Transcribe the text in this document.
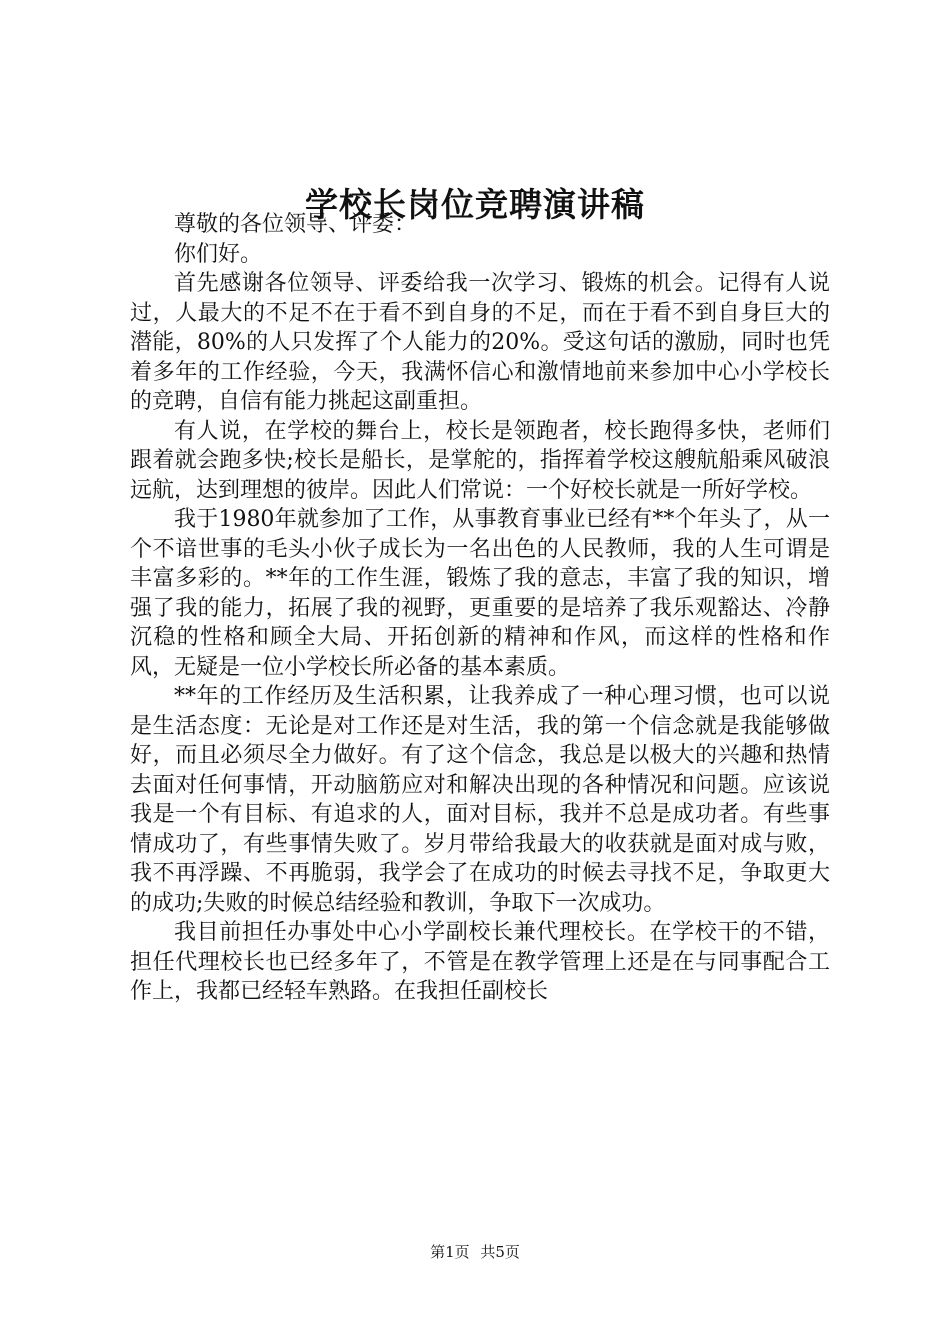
学校长岗位竞聘演讲稿

尊敬的各位领导、评委：

你们好。

首先感谢各位领导、评委给我一次学习、锻炼的机会。记得有人说过，人最大的不足不在于看不到自身的不足，而在于看不到自身巨大的潜能，80%的人只发挥了个人能力的20%。受这句话的激励，同时也凭着多年的工作经验，今天，我满怀信心和激情地前来参加中心小学校长的竞聘，自信有能力挑起这副重担。

有人说，在学校的舞台上，校长是领跑者，校长跑得多快，老师们跟着就会跑多快;校长是船长，是掌舵的，指挥着学校这艘航船乘风破浪远航，达到理想的彼岸。因此人们常说：一个好校长就是一所好学校。

我于1980年就参加了工作，从事教育事业已经有**个年头了，从一个不谙世事的毛头小伙子成长为一名出色的人民教师，我的人生可谓是丰富多彩的。**年的工作生涯，锻炼了我的意志，丰富了我的知识，增强了我的能力，拓展了我的视野，更重要的是培养了我乐观豁达、冷静沉稳的性格和顾全大局、开拓创新的精神和作风，而这样的性格和作风，无疑是一位小学校长所必备的基本素质。

**年的工作经历及生活积累，让我养成了一种心理习惯，也可以说是生活态度：无论是对工作还是对生活，我的第一个信念就是我能够做好，而且必须尽全力做好。有了这个信念，我总是以极大的兴趣和热情去面对任何事情，开动脑筋应对和解决出现的各种情况和问题。应该说我是一个有目标、有追求的人，面对目标，我并不总是成功者。有些事情成功了，有些事情失败了。岁月带给我最大的收获就是面对成与败，我不再浮躁、不再脆弱，我学会了在成功的时候去寻找不足，争取更大的成功;失败的时候总结经验和教训，争取下一次成功。

我目前担任办事处中心小学副校长兼代理校长。在学校干的不错，担任代理校长也已经多年了，不管是在教学管理上还是在与同事配合工作上，我都已经轻车熟路。在我担任副校长

第1页 共5页
